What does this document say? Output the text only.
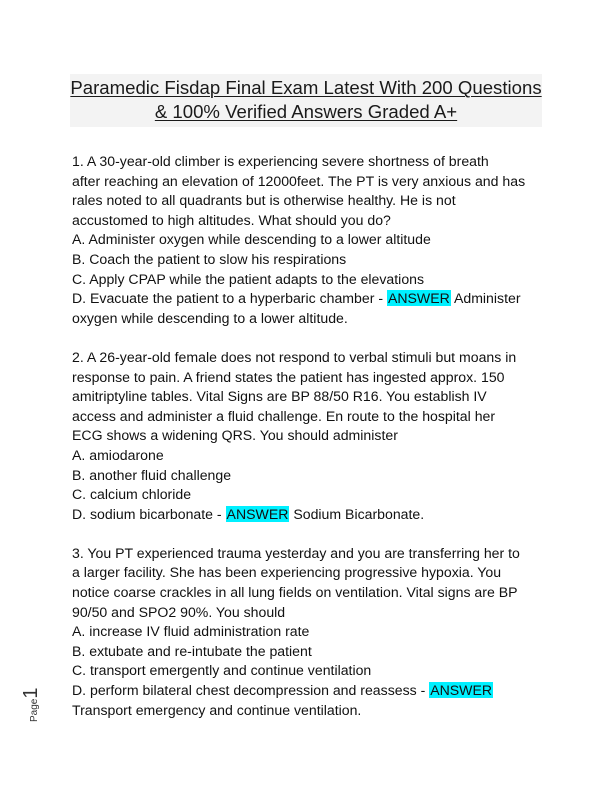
Paramedic Fisdap Final Exam Latest With 200 Questions
& 100% Verified Answers Graded A+
1. A 30-year-old climber is experiencing severe shortness of breath
after reaching an elevation of 12000feet. The PT is very anxious and has
rales noted to all quadrants but is otherwise healthy. He is not
accustomed to high altitudes. What should you do?
A. Administer oxygen while descending to a lower altitude
B. Coach the patient to slow his respirations
C. Apply CPAP while the patient adapts to the elevations
D. Evacuate the patient to a hyperbaric chamber - ANSWER Administer
oxygen while descending to a lower altitude.
2. A 26-year-old female does not respond to verbal stimuli but moans in
response to pain. A friend states the patient has ingested approx. 150
amitriptyline tables. Vital Signs are BP 88/50 R16. You establish IV
access and administer a fluid challenge. En route to the hospital her
ECG shows a widening QRS. You should administer
A. amiodarone
B. another fluid challenge
C. calcium chloride
D. sodium bicarbonate - ANSWER Sodium Bicarbonate.
3. You PT experienced trauma yesterday and you are transferring her to
a larger facility. She has been experiencing progressive hypoxia. You
notice coarse crackles in all lung fields on ventilation. Vital signs are BP
90/50 and SPO2 90%. You should
A. increase IV fluid administration rate
B. extubate and re-intubate the patient
C. transport emergently and continue ventilation
D. perform bilateral chest decompression and reassess - ANSWER
Transport emergency and continue ventilation.
Page1
